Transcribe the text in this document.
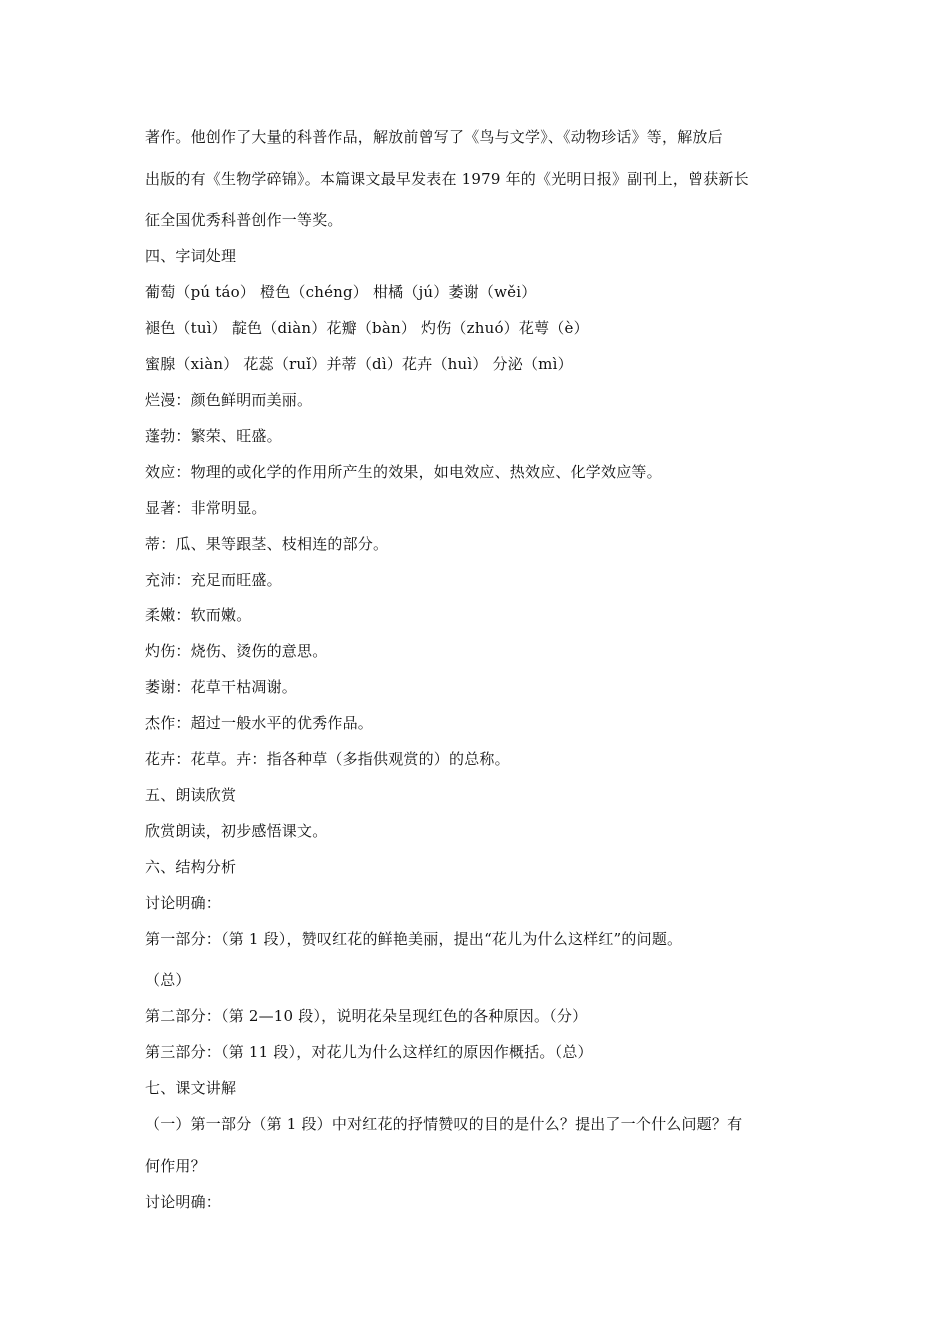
著作。他创作了大量的科普作品，解放前曾写了《鸟与文学》、《动物珍话》等，解放后
出版的有《生物学碎锦》。本篇课文最早发表在 1979 年的《光明日报》副刊上，曾获新长
征全国优秀科普创作一等奖。
四、字词处理
葡萄（pú táo） 橙色（chéng） 柑橘（jú）萎谢（wěi）
褪色（tuì） 靛色（diàn）花瓣（bàn） 灼伤（zhuó）花萼（è）
蜜腺（xiàn） 花蕊（ruǐ）并蒂（dì）花卉（huì） 分泌（mì）
烂漫：颜色鲜明而美丽。
蓬勃：繁荣、旺盛。
效应：物理的或化学的作用所产生的效果，如电效应、热效应、化学效应等。
显著：非常明显。
蒂：瓜、果等跟茎、枝相连的部分。
充沛：充足而旺盛。
柔嫩：软而嫩。
灼伤：烧伤、烫伤的意思。
萎谢：花草干枯凋谢。
杰作：超过一般水平的优秀作品。
花卉：花草。卉：指各种草（多指供观赏的）的总称。
五、朗读欣赏
欣赏朗读，初步感悟课文。
六、结构分析
讨论明确：
第一部分：（第 1 段），赞叹红花的鲜艳美丽，提出“花儿为什么这样红”的问题。
（总）
第二部分：（第 2—10 段），说明花朵呈现红色的各种原因。（分）
第三部分：（第 11 段），对花儿为什么这样红的原因作概括。（总）
七、课文讲解
（一）第一部分（第 1 段）中对红花的抒情赞叹的目的是什么？提出了一个什么问题？有
何作用？
讨论明确：
